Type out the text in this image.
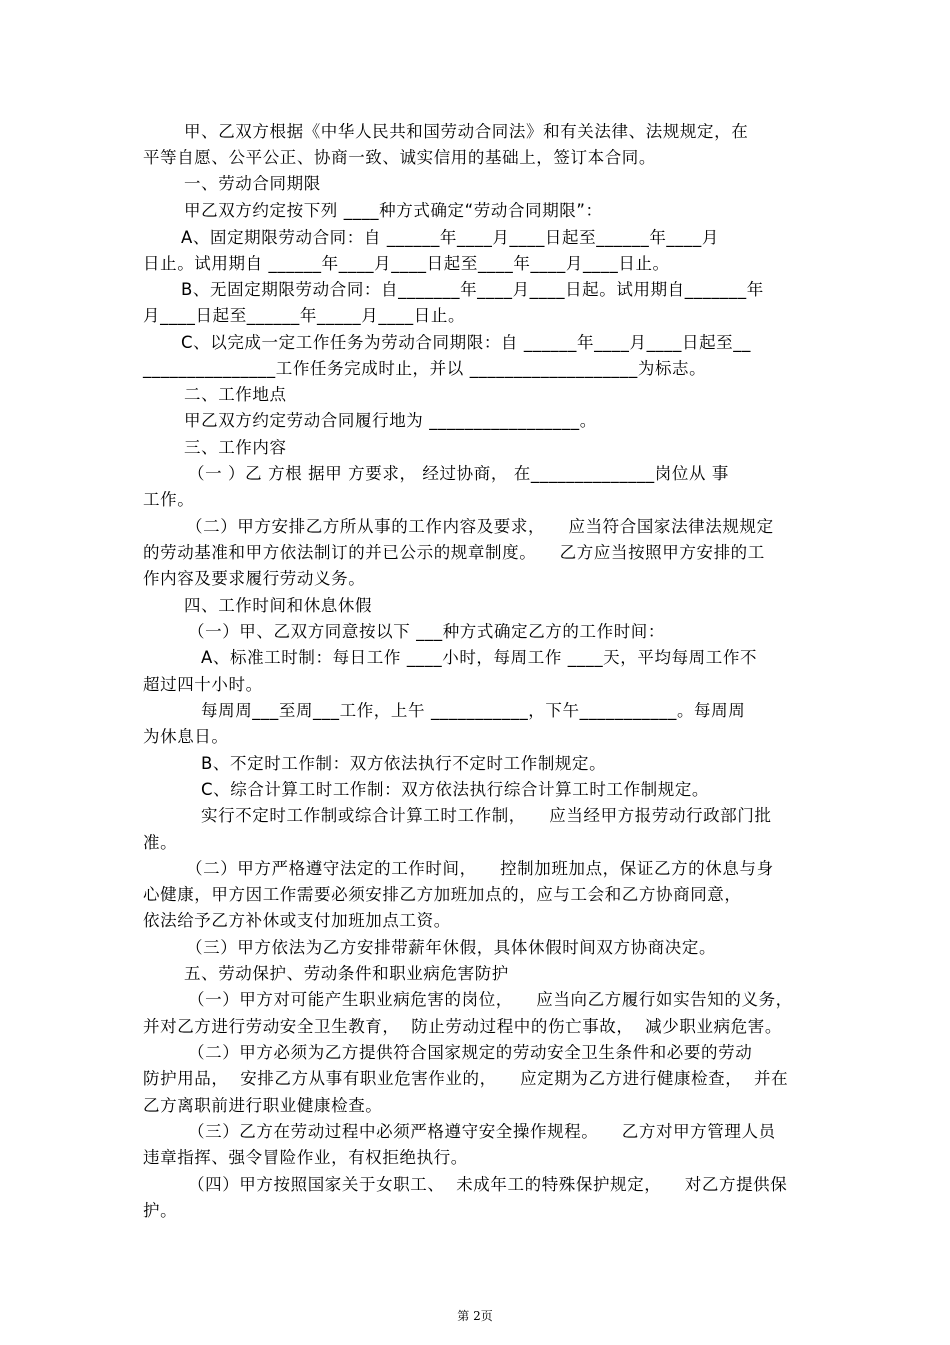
甲、乙双方根据《中华人民共和国劳动合同法》和有关法律、法规规定，在
平等自愿、公平公正、协商一致、诚实信用的基础上，签订本合同。
一、劳动合同期限
甲乙双方约定按下列 ____种方式确定“劳动合同期限”：
A、固定期限劳动合同：自 ______年____月____日起至______年____月
日止。试用期自 ______年____月____日起至____年____月____日止。
B、无固定期限劳动合同：自_______年____月____日起。试用期自_______年
月____日起至______年_____月____日止。
C、以完成一定工作任务为劳动合同期限：自 ______年____月____日起至__
_______________工作任务完成时止，并以 ___________________为标志。
二、工作地点
甲乙双方约定劳动合同履行地为 _________________。
三、工作内容
（一 ）乙 方根 据甲 方要求， 经过协商， 在______________岗位从 事
工作。
（二）甲方安排乙方所从事的工作内容及要求，    应当符合国家法律法规规定
的劳动基准和甲方依法制订的并已公示的规章制度。    乙方应当按照甲方安排的工
作内容及要求履行劳动义务。
四、工作时间和休息休假
（一）甲、乙双方同意按以下 ___种方式确定乙方的工作时间：
A、标准工时制：每日工作 ____小时，每周工作 ____天，平均每周工作不
超过四十小时。
每周周___至周___工作，上午 ___________，下午___________。每周周
为休息日。
B、不定时工作制：双方依法执行不定时工作制规定。
C、综合计算工时工作制：双方依法执行综合计算工时工作制规定。
实行不定时工作制或综合计算工时工作制，    应当经甲方报劳动行政部门批
准。
（二）甲方严格遵守法定的工作时间，    控制加班加点，保证乙方的休息与身
心健康，甲方因工作需要必须安排乙方加班加点的，应与工会和乙方协商同意，
依法给予乙方补休或支付加班加点工资。
（三）甲方依法为乙方安排带薪年休假，具体休假时间双方协商决定。
五、劳动保护、劳动条件和职业病危害防护
（一）甲方对可能产生职业病危害的岗位，    应当向乙方履行如实告知的义务，
并对乙方进行劳动安全卫生教育，  防止劳动过程中的伤亡事故，  减少职业病危害。
（二）甲方必须为乙方提供符合国家规定的劳动安全卫生条件和必要的劳动
防护用品，  安排乙方从事有职业危害作业的，    应定期为乙方进行健康检查，  并在
乙方离职前进行职业健康检查。
（三）乙方在劳动过程中必须严格遵守安全操作规程。    乙方对甲方管理人员
违章指挥、强令冒险作业，有权拒绝执行。
（四）甲方按照国家关于女职工、  未成年工的特殊保护规定，    对乙方提供保
护。
第 2页
